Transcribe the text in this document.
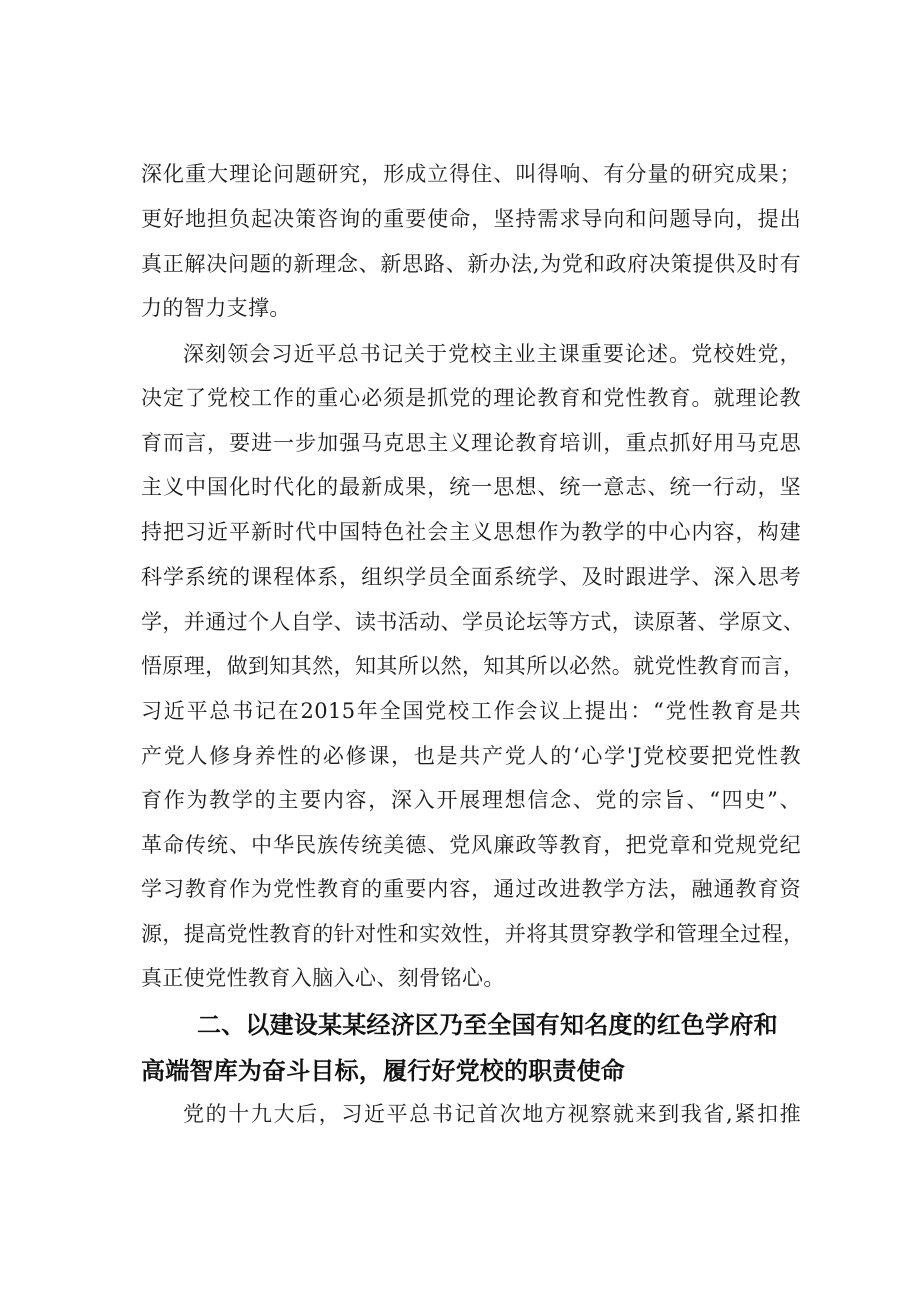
深化重大理论问题研究，形成立得住、叫得响、有分量的研究成果；
更好地担负起决策咨询的重要使命，坚持需求导向和问题导向，提出
真正解决问题的新理念、新思路、新办法,为党和政府决策提供及时有
力的智力支撑。
深刻领会习近平总书记关于党校主业主课重要论述。党校姓党，
决定了党校工作的重心必须是抓党的理论教育和党性教育。就理论教
育而言，要进一步加强马克思主义理论教育培训，重点抓好用马克思
主义中国化时代化的最新成果，统一思想、统一意志、统一行动，坚
持把习近平新时代中国特色社会主义思想作为教学的中心内容，构建
科学系统的课程体系，组织学员全面系统学、及时跟进学、深入思考
学，并通过个人自学、读书活动、学员论坛等方式，读原著、学原文、
悟原理，做到知其然，知其所以然，知其所以必然。就党性教育而言，
习近平总书记在2015年全国党校工作会议上提出：“党性教育是共
产党人修身养性的必修课，也是共产党人的‘心学'J党校要把党性教
育作为教学的主要内容，深入开展理想信念、党的宗旨、“四史”、
革命传统、中华民族传统美德、党风廉政等教育，把党章和党规党纪
学习教育作为党性教育的重要内容，通过改进教学方法，融通教育资
源，提高党性教育的针对性和实效性，并将其贯穿教学和管理全过程，
真正使党性教育入脑入心、刻骨铭心。
二、以建设某某经济区乃至全国有知名度的红色学府和
高端智库为奋斗目标，履行好党校的职责使命
党的十九大后，习近平总书记首次地方视察就来到我省,紧扣推
